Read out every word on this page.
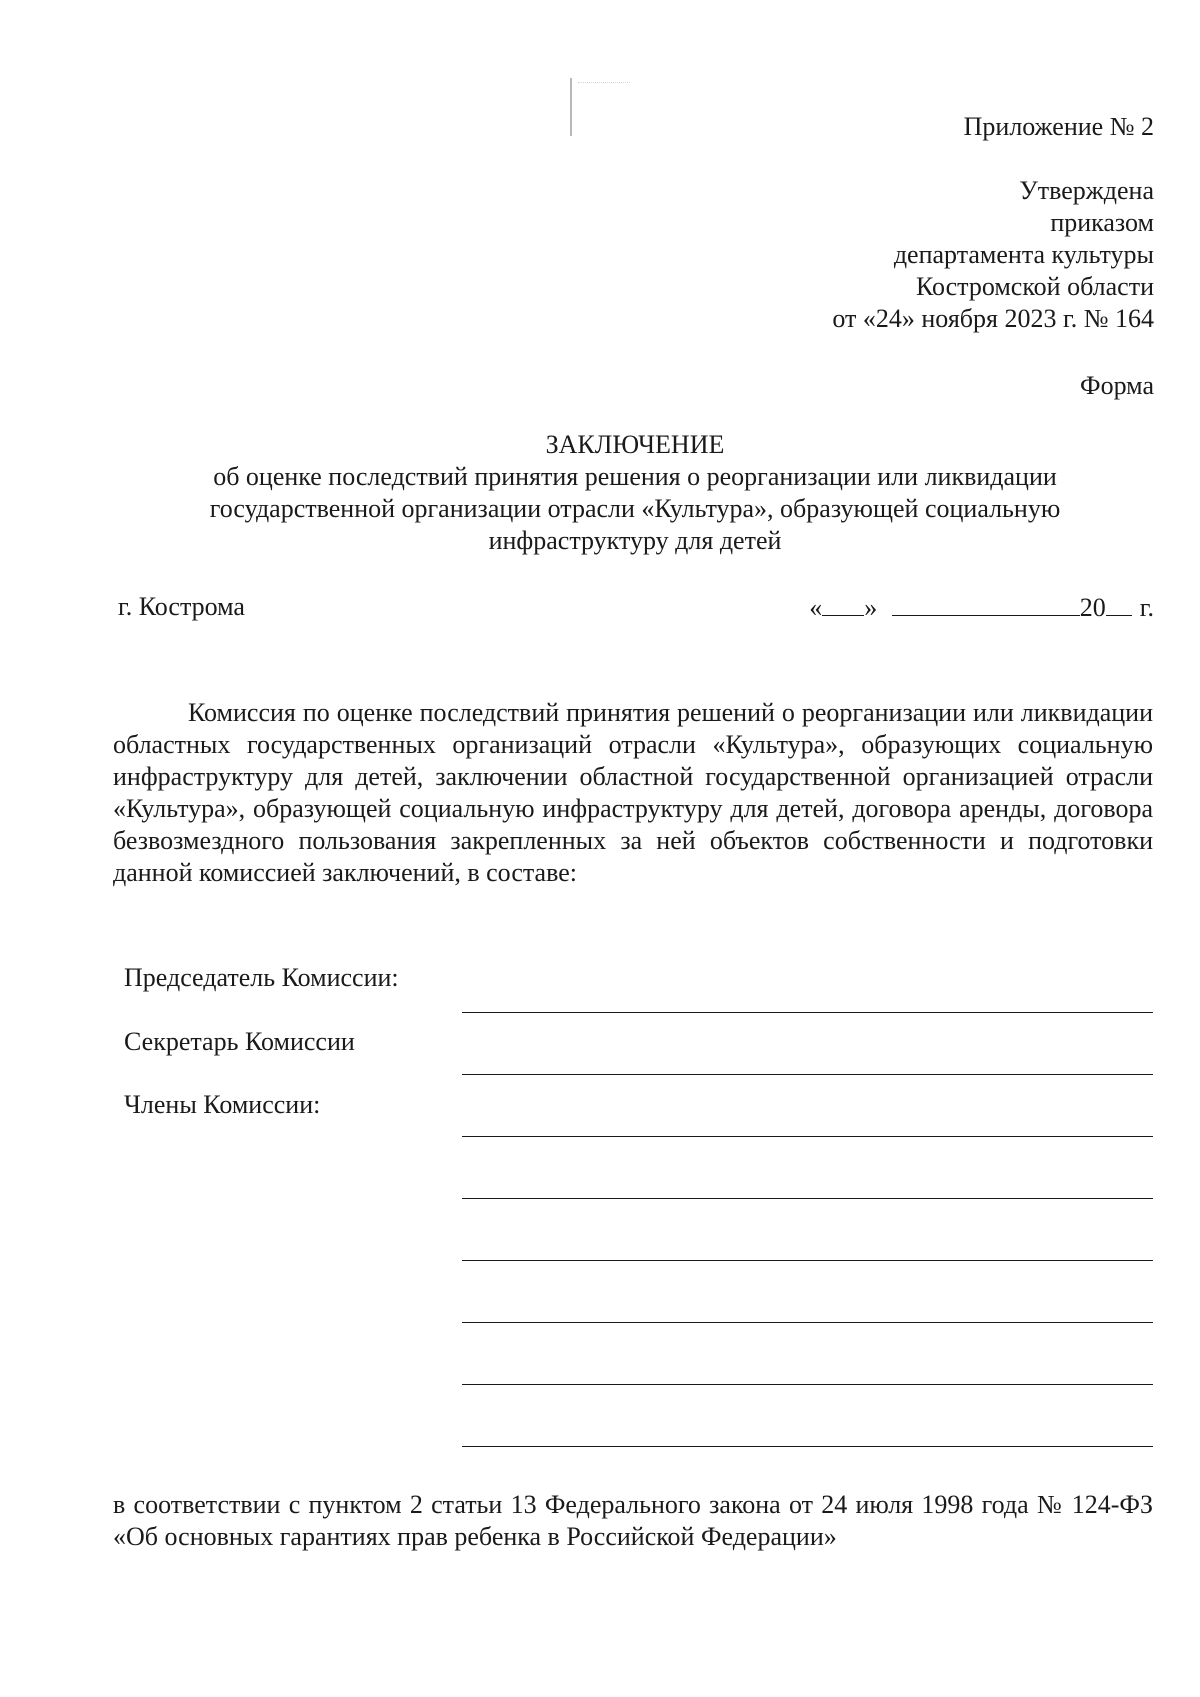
Приложение № 2
Утверждена
приказом
департамента культуры
Костромской области
от «24» ноября 2023 г. № 164
Форма
ЗАКЛЮЧЕНИЕ
об оценке последствий принятия решения о реорганизации или ликвидации
государственной организации отрасли «Культура», образующей социальную
инфраструктуру для детей
г. Кострома	« »	20 г.
Комиссия по оценке последствий принятия решений о реорганизации или ликвидации областных государственных организаций отрасли «Культура», образующих социальную инфраструктуру для детей, заключении областной государственной организацией отрасли «Культура», образующей социальную инфраструктуру для детей, договора аренды, договора безвозмездного пользования закрепленных за ней объектов собственности и подготовки данной комиссией заключений, в составе:
Председатель Комиссии:
Секретарь Комиссии
Члены Комиссии:
в соответствии с пунктом 2 статьи 13 Федерального закона от 24 июля 1998 года № 124-ФЗ «Об основных гарантиях прав ребенка в Российской Федерации»
